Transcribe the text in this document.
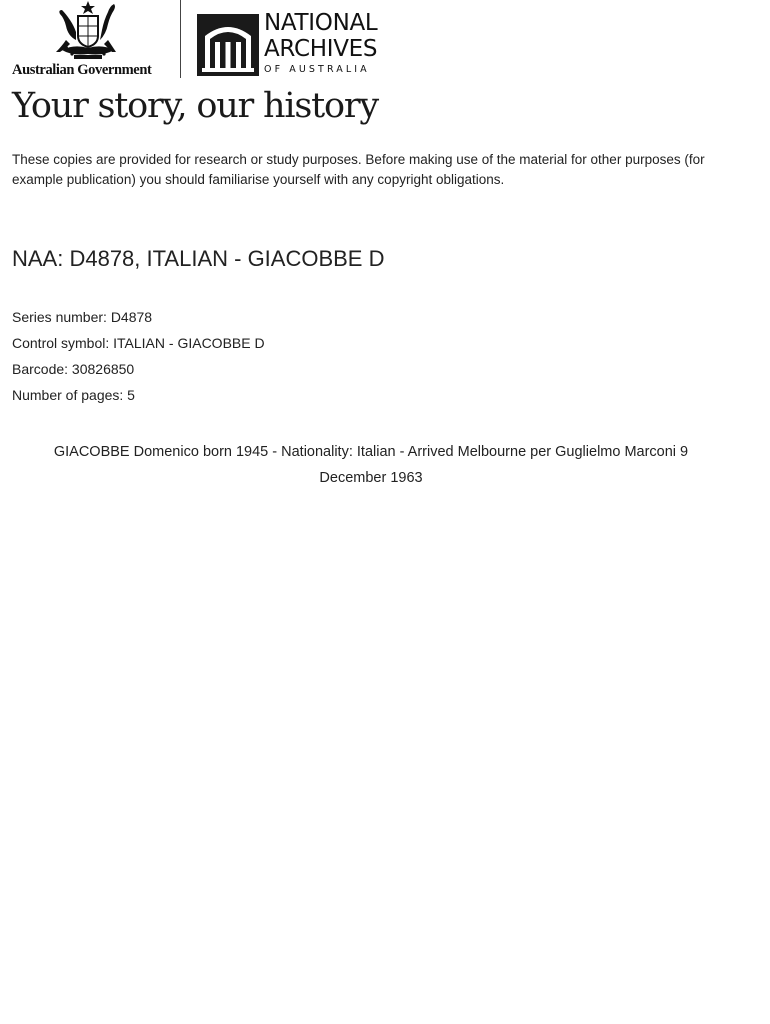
Australian Government
NATIONAL
ARCHIVES
OF AUSTRALIA
Your story, our history
These copies are provided for research or study purposes. Before making use of the material for other purposes (for example publication) you should familiarise yourself with any copyright obligations.
NAA: D4878, ITALIAN - GIACOBBE D
Series number: D4878
Control symbol: ITALIAN - GIACOBBE D
Barcode: 30826850
Number of pages: 5
GIACOBBE Domenico born 1945 - Nationality: Italian - Arrived Melbourne per Guglielmo Marconi 9 December 1963
